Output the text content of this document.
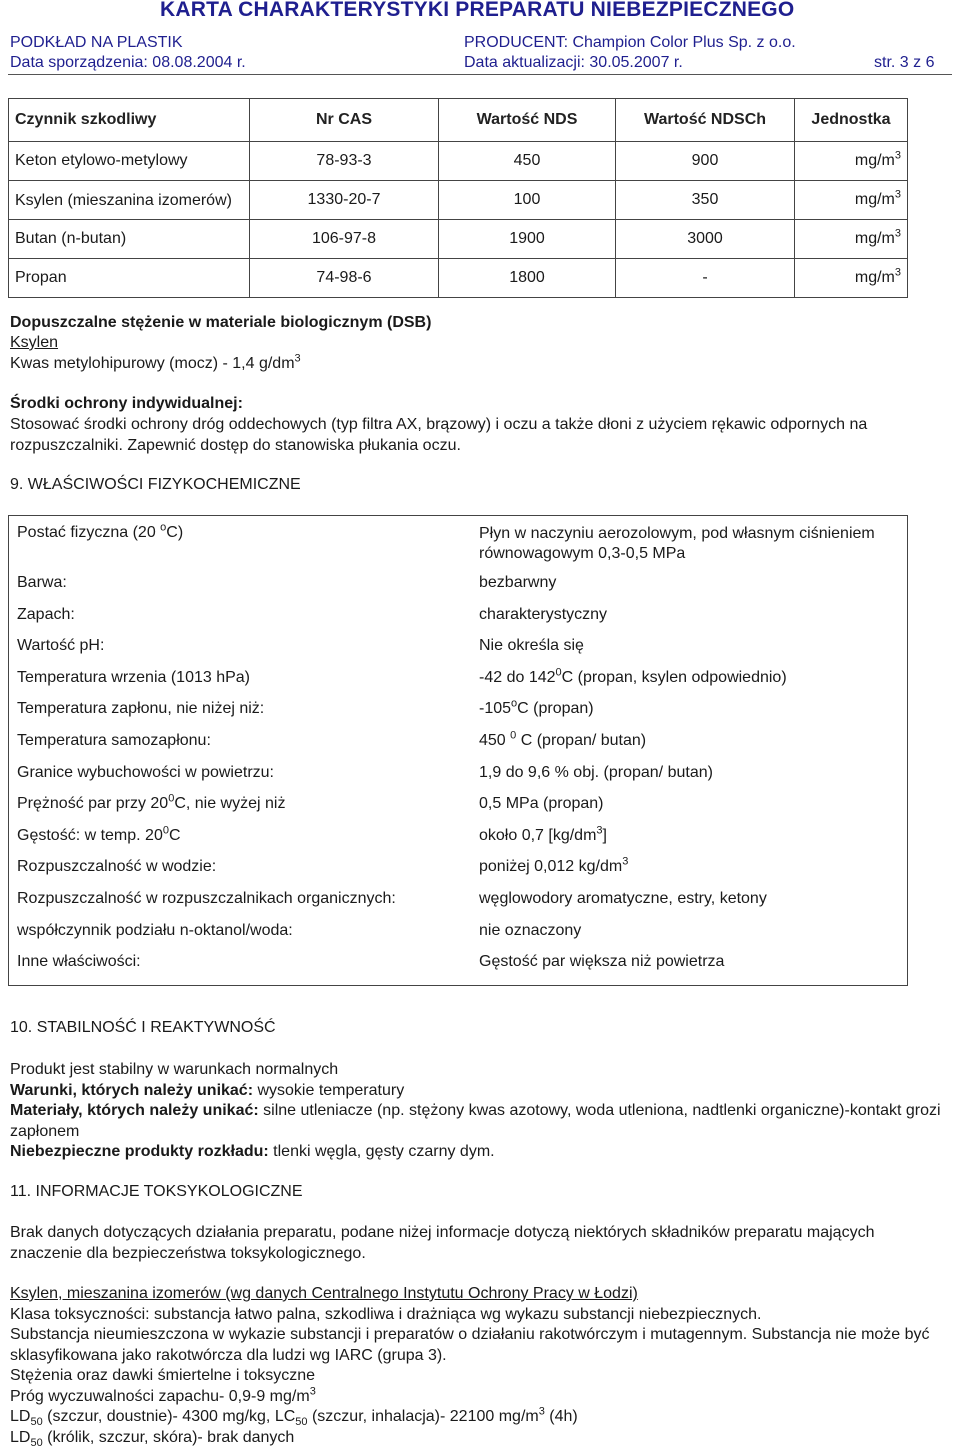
KARTA CHARAKTERYSTYKI PREPARATU NIEBEZPIECZNEGO
PODKŁAD NA PLASTIK	PRODUCENT: Champion Color Plus Sp. z o.o.
Data sporządzenia: 08.08.2004 r.	Data aktualizacji: 30.05.2007 r.	str. 3 z 6
Czynnik szkodliwy	Nr CAS	Wartość NDS	Wartość NDSCh	Jednostka
Keton etylowo-metylowy	78-93-3	450	900	$mg/m^3$
Ksylen (mieszanina izomerów)	1330-20-7	100	350	$mg/m^3$
Butan (n-butan)	106-97-8	1900	3000	$mg/m^3$
Propan	74-98-6	1800	-	$mg/m^3$
Dopuszczalne stężenie w materiale biologicznym (DSB)
Ksylen
Kwas metylohipurowy (mocz) - 1,4 $g/dm^3$
Środki ochrony indywidualnej:
Stosować środki ochrony dróg oddechowych (typ filtra AX, brązowy) i oczu a także dłoni z użyciem rękawic odpornych na rozpuszczalniki. Zapewnić dostęp do stanowiska płukania oczu.
9. WŁAŚCIWOŚCI FIZYKOCHEMICZNE
Postać fizyczna (20 $^o$C)	Płyn w naczyniu aerozolowym, pod własnym ciśnieniem równowagowym 0,3-0,5 MPa
Barwa:	bezbarwny
Zapach:	charakterystyczny
Wartość pH:	Nie określa się
Temperatura wrzenia (1013 hPa)	-42 do $142^0C$ (propan, ksylen odpowiednio)
Temperatura zapłonu, nie niżej niż:	-105$^o$C (propan)
Temperatura samozapłonu:	450 $^0$ C (propan/ butan)
Granice wybuchowości w powietrzu:	1,9 do 9,6 % obj. (propan/ butan)
Prężność par przy $20^0C$, nie wyżej niż	0,5 MPa (propan)
Gęstość: w temp. $20^0C$	około 0,7 $[kg/dm^3]$
Rozpuszczalność w wodzie:	poniżej 0,012 $kg/dm^3$
Rozpuszczalność w rozpuszczalnikach organicznych:	węglowodory aromatyczne, estry, ketony
współczynnik podziału n-oktanol/woda:	nie oznaczony
Inne właściwości:	Gęstość par większa niż powietrza
10. STABILNOŚĆ I REAKTYWNOŚĆ
Produkt jest stabilny w warunkach normalnych
Warunki, których należy unikać: wysokie temperatury
Materiały, których należy unikać: silne utleniacze (np. stężony kwas azotowy, woda utleniona, nadtlenki organiczne)-kontakt grozi zapłonem
Niebezpieczne produkty rozkładu: tlenki węgla, gęsty czarny dym.
11. INFORMACJE TOKSYKOLOGICZNE
Brak danych dotyczących działania preparatu, podane niżej informacje dotyczą niektórych składników preparatu mających znaczenie dla bezpieczeństwa toksykologicznego.
Ksylen, mieszanina izomerów (wg danych Centralnego Instytutu Ochrony Pracy w Łodzi)
Klasa toksyczności: substancja łatwo palna, szkodliwa i drażniąca wg wykazu substancji niebezpiecznych.
Substancja nieumieszczona w wykazie substancji i preparatów o działaniu rakotwórczym i mutagennym. Substancja nie może być sklasyfikowana jako rakotwórcza dla ludzi wg IARC (grupa 3).
Stężenia oraz dawki śmiertelne i toksyczne
Próg wyczuwalności zapachu- 0,9-9 $mg/m^3$
$LD_{50}$ (szczur, doustnie)- 4300 mg/kg, $LC_{50}$ (szczur, inhalacja)- 22100 $mg/m^3$ (4h)
$LD_{50}$ (królik, szczur, skóra)- brak danych
